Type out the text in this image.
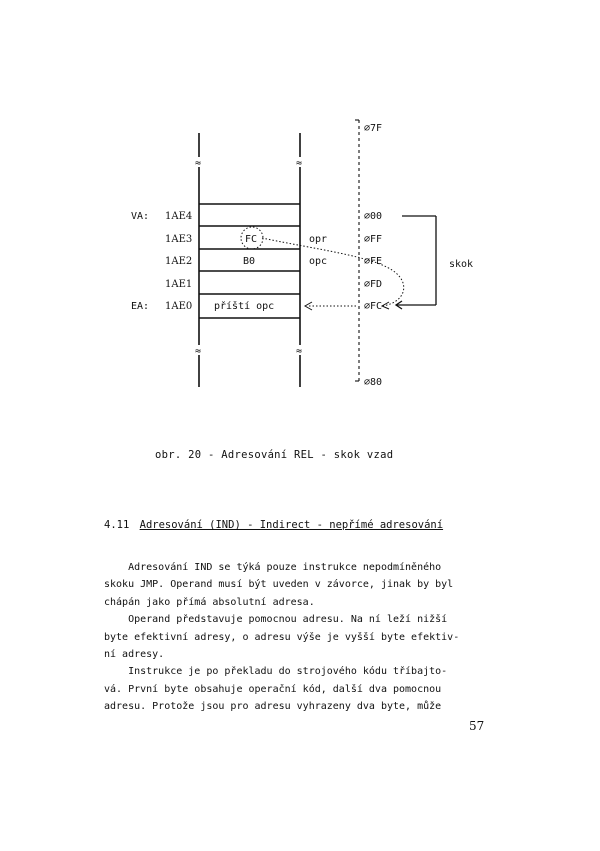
≈	≈
≈	≈
VA:
EA:
1AE4
1AE3
1AE2
1AE1
1AE0
FC
B0
příští opc
opr
opc
∅7F
∅00
∅FF
∅FE
∅FD
∅FC
∅80
skok
obr. 20 - Adresování REL - skok vzad
4.11 Adresování (IND) - Indirect - nepřímé adresování
Adresování IND se týká pouze instrukce nepodmíněného
skoku JMP. Operand musí být uveden v závorce, jinak by byl
chápán jako přímá absolutní adresa.
Operand představuje pomocnou adresu. Na ní leží nižší
byte efektivní adresy, o adresu výše je vyšší byte efektiv-
ní adresy.
Instrukce je po překladu do strojového kódu tříbajto-
vá. První byte obsahuje operační kód, další dva pomocnou
adresu. Protože jsou pro adresu vyhrazeny dva byte, může
57
